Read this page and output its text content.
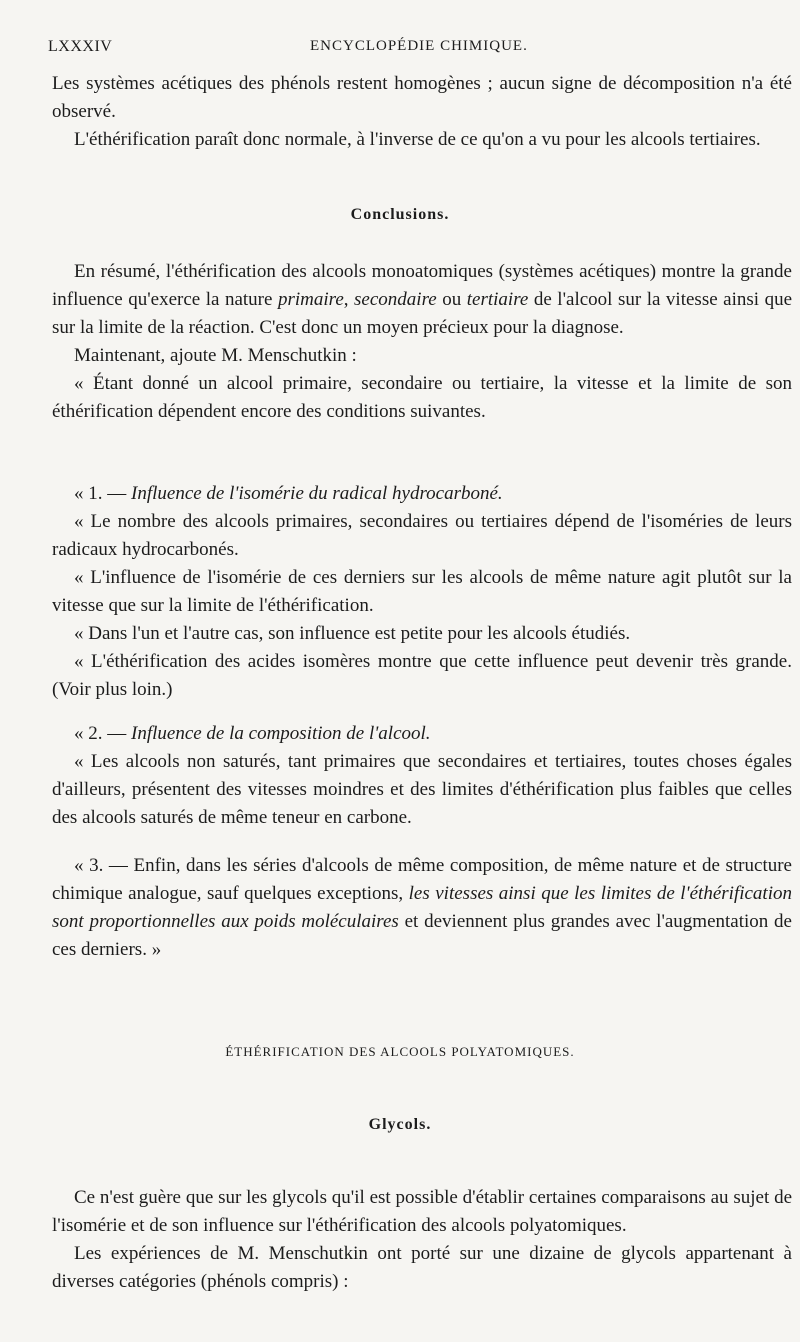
LXXXIV	ENCYCLOPÉDIE CHIMIQUE.

Les systèmes acétiques des phénols restent homogènes ; aucun signe de décomposition n'a été observé.

L'éthérification paraît donc normale, à l'inverse de ce qu'on a vu pour les alcools tertiaires.

Conclusions.

En résumé, l'éthérification des alcools monoatomiques (systèmes acétiques) montre la grande influence qu'exerce la nature primaire, secondaire ou tertiaire de l'alcool sur la vitesse ainsi que sur la limite de la réaction. C'est donc un moyen précieux pour la diagnose.

Maintenant, ajoute M. Menschutkin :

« Étant donné un alcool primaire, secondaire ou tertiaire, la vitesse et la limite de son éthérification dépendent encore des conditions suivantes.

« 1. — Influence de l'isomérie du radical hydrocarboné.

« Le nombre des alcools primaires, secondaires ou tertiaires dépend de l'isoméries de leurs radicaux hydrocarbonés.

« L'influence de l'isomérie de ces derniers sur les alcools de même nature agit plutôt sur la vitesse que sur la limite de l'éthérification.

« Dans l'un et l'autre cas, son influence est petite pour les alcools étudiés.

« L'éthérification des acides isomères montre que cette influence peut devenir très grande. (Voir plus loin.)

« 2. — Influence de la composition de l'alcool.

« Les alcools non saturés, tant primaires que secondaires et tertiaires, toutes choses égales d'ailleurs, présentent des vitesses moindres et des limites d'éthérification plus faibles que celles des alcools saturés de même teneur en carbone.

« 3. — Enfin, dans les séries d'alcools de même composition, de même nature et de structure chimique analogue, sauf quelques exceptions, les vitesses ainsi que les limites de l'éthérification sont proportionnelles aux poids moléculaires et deviennent plus grandes avec l'augmentation de ces derniers. »

ÉTHÉRIFICATION DES ALCOOLS POLYATOMIQUES.
Glycols.

Ce n'est guère que sur les glycols qu'il est possible d'établir certaines comparaisons au sujet de l'isomérie et de son influence sur l'éthérification des alcools polyatomiques.

Les expériences de M. Menschutkin ont porté sur une dizaine de glycols appartenant à diverses catégories (phénols compris) :
